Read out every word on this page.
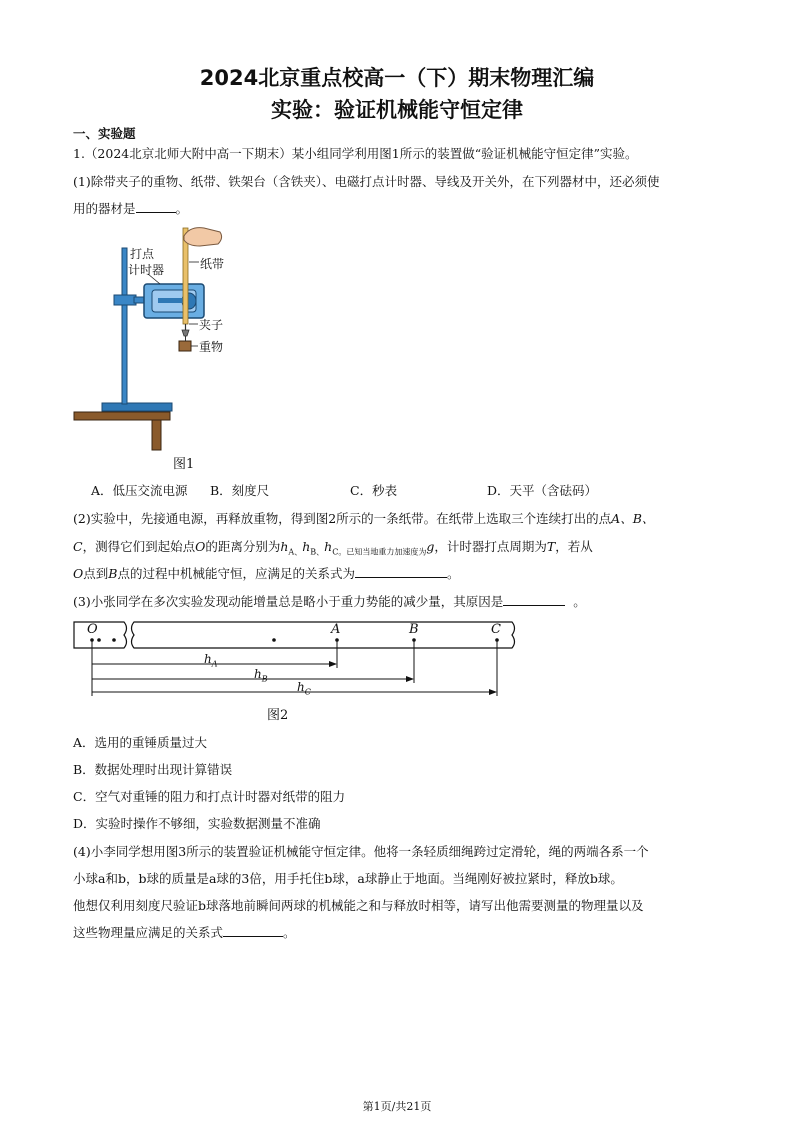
2024北京重点校高一（下）期末物理汇编
实验：验证机械能守恒定律
一、实验题
1.（2024北京北师大附中高一下期末）某小组同学利用图1所示的装置做“验证机械能守恒定律”实验。
(1)除带夹子的重物、纸带、铁架台（含铁夹）、电磁打点计时器、导线及开关外，在下列器材中，还必须使
用的器材是	。
打点
计时器	纸带
夹子
重物
图1
A．低压交流电源 B．刻度尺	C．秒表	D．天平（含砝码）
(2)实验中，先接通电源，再释放重物，得到图2所示的一条纸带。在纸带上选取三个连续打出的点A、B、
C，测得它们到起始点O的距离分别为$h_{A、}h_{B、}h_{C。已知当地重力加速度为}g$，计时器打点周期为T，若从
O点到B点的过程中机械能守恒，应满足的关系式为	。
(3)小张同学在多次实验发现动能增量总是略小于重力势能的减少量，其原因是	。
O	A	B	C
$h_A$
$h_B$
$h_C$
图2
A．选用的重锤质量过大
B．数据处理时出现计算错误
C．空气对重锤的阻力和打点计时器对纸带的阻力
D．实验时操作不够细，实验数据测量不准确
(4)小李同学想用图3所示的装置验证机械能守恒定律。他将一条轻质细绳跨过定滑轮，绳的两端各系一个
小球a和b，b球的质量是a球的3倍，用手托住b球，a球静止于地面。当绳刚好被拉紧时，释放b球。
他想仅利用刻度尺验证b球落地前瞬间两球的机械能之和与释放时相等，请写出他需要测量的物理量以及
这些物理量应满足的关系式	。
第1页/共21页
